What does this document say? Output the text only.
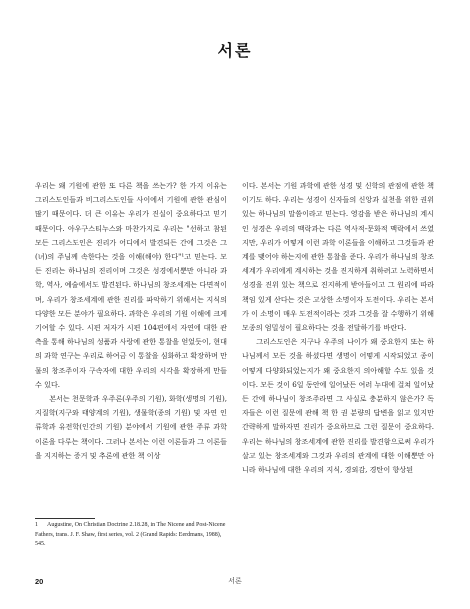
서론

우리는 왜 기원에 관한 또 다른 책을 쓰는가? 한 가지 이유는 그리스도인들과 비그리스도인들 사이에서 기원에 관한 관심이 많기 때문이다. 더 큰 이유는 우리가 진실이 중요하다고 믿기 때문이다. 아우구스티누스와 마찬가지로 우리는 "선하고 참된 모든 그리스도인은 진리가 어디에서 발견되든 간에 그것은 그(녀)의 주님께 속한다는 것을 이해(해야) 한다"¹고 믿는다. 모든 진리는 하나님의 진리이며 그것은 성경에서뿐만 아니라 과학, 역사, 예술에서도 발견된다. 하나님의 창조세계는 다면적이며, 우리가 창조세계에 관한 진리를 파악하기 위해서는 지식의 다양한 모든 분야가 필요하다. 과학은 우리의 기원 이해에 크게 기여할 수 있다. 시편 저자가 시편 104편에서 자연에 대한 관측을 통해 하나님의 성품과 사랑에 관한 통찰을 얻었듯이, 현대의 과학 연구는 우리로 하여금 이 통찰을 심화하고 확장하며 만물의 창조주이자 구속자에 대한 우리의 시각을 확장하게 만들 수 있다.

본서는 천문학과 우주론(우주의 기원), 화학(생명의 기원), 지질학(지구와 태양계의 기원), 생물학(종의 기원) 및 자연 인류학과 유전학(인간의 기원) 분야에서 기원에 관한 주류 과학 이론을 다루는 책이다. 그러나 본서는 이런 이론들과 그 이론들을 지지하는 증거 및 추론에 관한 책 이상

이다. 본서는 기원 과학에 관한 성경 및 신학의 관점에 관한 책이기도 하다. 우리는 성경이 신자들의 신앙과 실천을 위한 권위 있는 하나님의 말씀이라고 믿는다. 영감을 받은 하나님의 계시인 성경은 우리의 맥락과는 다른 역사적-문화적 맥락에서 쓰였지만, 우리가 어떻게 이런 과학 이론들을 이해하고 그것들과 관계를 맺어야 하는지에 관한 통찰을 준다. 우리가 하나님의 창조세계가 우리에게 계시하는 것을 진지하게 취하려고 노력하면서 성경을 진위 있는 책으로 진지하게 받아들이고 그 원리에 따라 책임 있게 산다는 것은 고상한 소명이자 도전이다. 우리는 본서가 이 소명이 매우 도전적이라는 것과 그것을 잘 수행하기 위해 모종의 엄밀성이 필요하다는 것을 전달하기를 바란다.

그리스도인은 지구나 우주의 나이가 왜 중요한지 또는 하나님께서 모든 것을 하셨다면 생명이 어떻게 시작되었고 종이 어떻게 다양화되었는지가 왜 중요한지 의아해할 수도 있을 것이다. 모든 것이 6일 동안에 일어났든 여러 누대에 걸쳐 일어났든 간에 하나님이 창조주라면 그 사실로 충분하지 않은가? 독자들은 이런 질문에 관해 책 한 권 분량의 답변을 읽고 있지만 간략하게 말하자면 진리가 중요하므로 그런 질문이 중요하다. 우리는 하나님의 창조세계에 관한 진리를 발견함으로써 우리가 살고 있는 창조세계와 그것과 우리의 관계에 대한 이해뿐만 아니라 하나님에 대한 우리의 지식, 경외감, 경탄이 향상된

1 Augustine, On Christian Doctrine 2.18.28, in The Nicene and Post-Nicene Fathers, trans. J. F. Shaw, first series, vol. 2 (Grand Rapids: Eerdmans, 1988), 545.
20	서론
